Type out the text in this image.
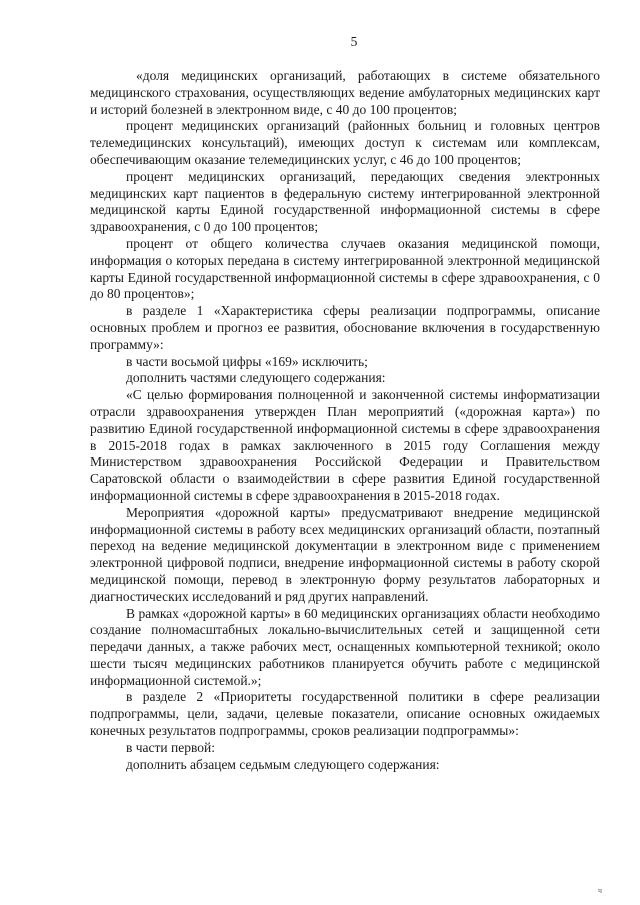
5

«доля медицинских организаций, работающих в системе обязательного медицинского страхования, осуществляющих ведение амбулаторных медицинских карт и историй болезней в электронном виде, с 40 до 100 процентов;

процент медицинских организаций (районных больниц и головных центров телемедицинских консультаций), имеющих доступ к системам или комплексам, обеспечивающим оказание телемедицинских услуг, с 46 до 100 процентов;

процент медицинских организаций, передающих сведения электронных медицинских карт пациентов в федеральную систему интегрированной электронной медицинской карты Единой государственной информационной системы в сфере здравоохранения, с 0 до 100 процентов;

процент от общего количества случаев оказания медицинской помощи, информация о которых передана в систему интегрированной электронной медицинской карты Единой государственной информационной системы в сфере здравоохранения, с 0 до 80 процентов»;

в разделе 1 «Характеристика сферы реализации подпрограммы, описание основных проблем и прогноз ее развития, обоснование включения в государственную программу»:

в части восьмой цифры «169» исключить;

дополнить частями следующего содержания:

«С целью формирования полноценной и законченной системы информатизации отрасли здравоохранения утвержден План мероприятий («дорожная карта») по развитию Единой государственной информационной системы в сфере здравоохранения в 2015-2018 годах в рамках заключенного в 2015 году Соглашения между Министерством здравоохранения Российской Федерации и Правительством Саратовской области о взаимодействии в сфере развития Единой государственной информационной системы в сфере здравоохранения в 2015-2018 годах.

Мероприятия «дорожной карты» предусматривают внедрение медицинской информационной системы в работу всех медицинских организаций области, поэтапный переход на ведение медицинской документации в электронном виде с применением электронной цифровой подписи, внедрение информационной системы в работу скорой медицинской помощи, перевод в электронную форму результатов лабораторных и диагностических исследований и ряд других направлений.

В рамках «дорожной карты» в 60 медицинских организациях области необходимо создание полномасштабных локально-вычислительных сетей и защищенной сети передачи данных, а также рабочих мест, оснащенных компьютерной техникой; около шести тысяч медицинских работников планируется обучить работе с медицинской информационной системой.»;

в разделе 2 «Приоритеты государственной политики в сфере реализации подпрограммы, цели, задачи, целевые показатели, описание основных ожидаемых конечных результатов подпрограммы, сроков реализации подпрограммы»:

в части первой:

дополнить абзацем седьмым следующего содержания:

ч
